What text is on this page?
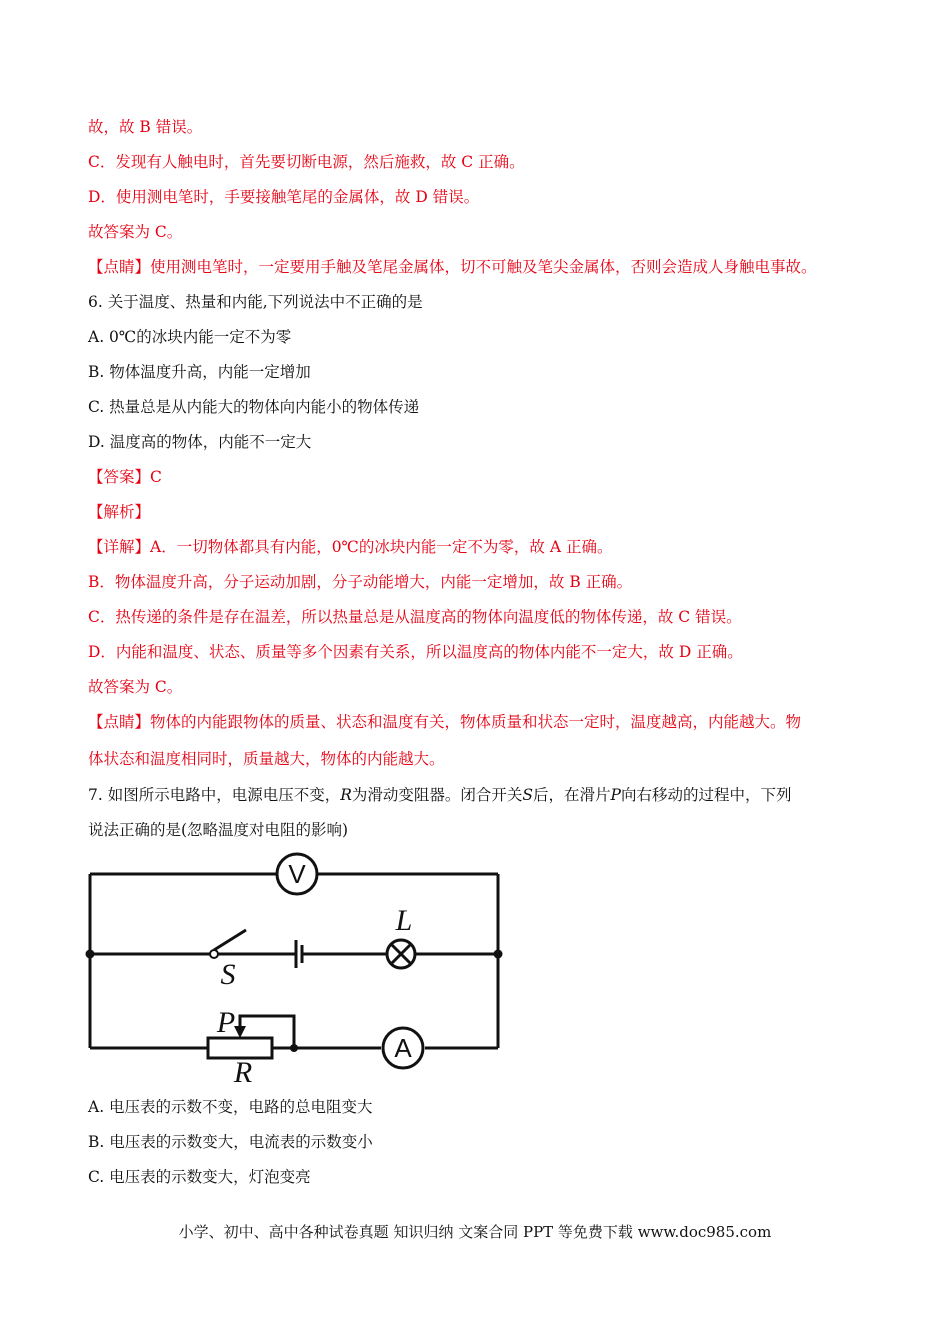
故，故 B 错误。
C．发现有人触电时，首先要切断电源，然后施救，故 C 正确。
D．使用测电笔时，手要接触笔尾的金属体，故 D 错误。
故答案为 C。
【点睛】使用测电笔时，一定要用手触及笔尾金属体，切不可触及笔尖金属体，否则会造成人身触电事故。
6. 关于温度、热量和内能,下列说法中不正确的是
A. 0℃的冰块内能一定不为零
B. 物体温度升高，内能一定增加
C. 热量总是从内能大的物体向内能小的物体传递
D. 温度高的物体，内能不一定大
【答案】C
【解析】
【详解】A．一切物体都具有内能，0℃的冰块内能一定不为零，故 A 正确。
B．物体温度升高，分子运动加剧，分子动能增大，内能一定增加，故 B 正确。
C．热传递的条件是存在温差，所以热量总是从温度高的物体向温度低的物体传递，故 C 错误。
D．内能和温度、状态、质量等多个因素有关系，所以温度高的物体内能不一定大，故 D 正确。
故答案为 C。
【点睛】物体的内能跟物体的质量、状态和温度有关，物体质量和状态一定时，温度越高，内能越大。物
体状态和温度相同时，质量越大，物体的内能越大。
7. 如图所示电路中，电源电压不变，R为滑动变阻器。闭合开关S后，在滑片P向右移动的过程中，下列
说法正确的是(忽略温度对电阻的影响)
V
L
S
P
R
A
A. 电压表的示数不变，电路的总电阻变大
B. 电压表的示数变大，电流表的示数变小
C. 电压表的示数变大，灯泡变亮
小学、初中、高中各种试卷真题 知识归纳 文案合同 PPT 等免费下载 www.doc985.com
